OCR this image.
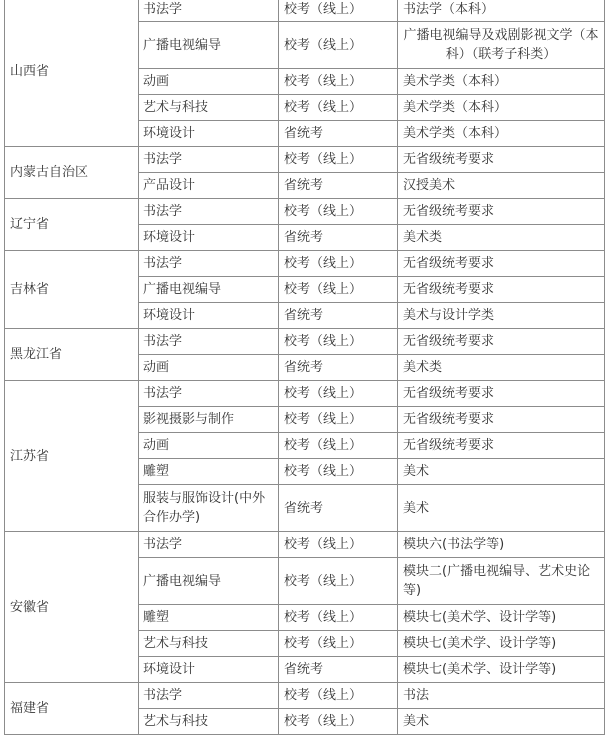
山西省	书法学	校考（线上）	书法学（本科）
	广播电视编导	校考（线上）	广播电视编导及戏剧影视文学（本科）（联考子科类）
	动画	校考（线上）	美术学类（本科）
	艺术与科技	校考（线上）	美术学类（本科）
	环境设计	省统考	美术学类（本科）
内蒙古自治区	书法学	校考（线上）	无省级统考要求
	产品设计	省统考	汉授美术
辽宁省	书法学	校考（线上）	无省级统考要求
	环境设计	省统考	美术类
吉林省	书法学	校考（线上）	无省级统考要求
	广播电视编导	校考（线上）	无省级统考要求
	环境设计	省统考	美术与设计学类
黑龙江省	书法学	校考（线上）	无省级统考要求
	动画	省统考	美术类
江苏省	书法学	校考（线上）	无省级统考要求
	影视摄影与制作	校考（线上）	无省级统考要求
	动画	校考（线上）	无省级统考要求
	雕塑	校考（线上）	美术
	服装与服饰设计(中外合作办学)	省统考	美术
安徽省	书法学	校考（线上）	模块六(书法学等)
	广播电视编导	校考（线上）	模块二(广播电视编导、艺术史论等)
	雕塑	校考（线上）	模块七(美术学、设计学等)
	艺术与科技	校考（线上）	模块七(美术学、设计学等)
	环境设计	省统考	模块七(美术学、设计学等)
福建省	书法学	校考（线上）	书法
	艺术与科技	校考（线上）	美术
